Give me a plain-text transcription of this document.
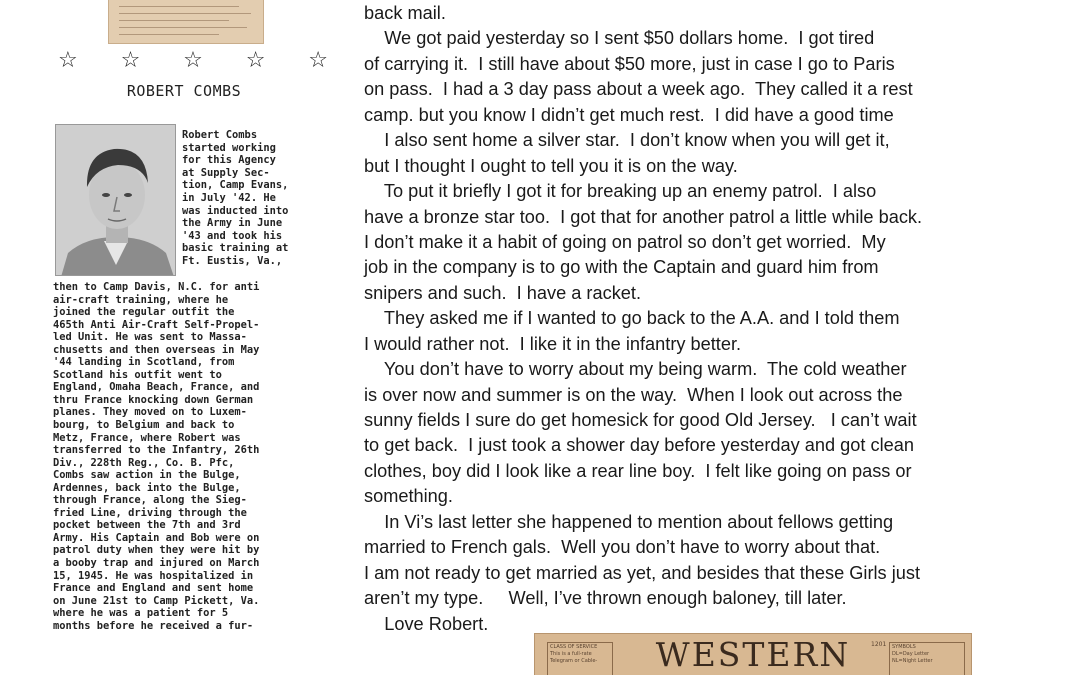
☆ ☆ ☆ ☆ ☆
ROBERT COMBS
Robert Combs
started working
for this Agency
at Supply Sec-
tion, Camp Evans,
in July '42. He
was inducted into
the Army in June
'43 and took his
basic training at
Ft. Eustis, Va.,
then to Camp Davis, N.C. for anti
air-craft training, where he
joined the regular outfit the
465th Anti Air-Craft Self-Propel-
led Unit. He was sent to Massa-
chusetts and then overseas in May
'44 landing in Scotland, from
Scotland his outfit went to
England, Omaha Beach, France, and
thru France knocking down German
planes. They moved on to Luxem-
bourg, to Belgium and back to
Metz, France, where Robert was
transferred to the Infantry, 26th
Div., 228th Reg., Co. B. Pfc,
Combs saw action in the Bulge,
Ardennes, back into the Bulge,
through France, along the Sieg-
fried Line, driving through the
pocket between the 7th and 3rd
Army. His Captain and Bob were on
patrol duty when they were hit by
a booby trap and injured on March
15, 1945. He was hospitalized in
France and England and sent home
on June 21st to Camp Pickett, Va.
where he was a patient for 5
months before he received a fur-
back mail.
We got paid yesterday so I sent $50 dollars home.  I got tired
of carrying it.  I still have about $50 more, just in case I go to Paris
on pass.  I had a 3 day pass about a week ago.  They called it a rest
camp. but you know I didn’t get much rest.  I did have a good time
I also sent home a silver star.  I don’t know when you will get it,
but I thought I ought to tell you it is on the way.
To put it briefly I got it for breaking up an enemy patrol.  I also
have a bronze star too.  I got that for another patrol a little while back.
I don’t make it a habit of going on patrol so don’t get worried.  My
job in the company is to go with the Captain and guard him from
snipers and such.  I have a racket.
They asked me if I wanted to go back to the A.A. and I told them
I would rather not.  I like it in the infantry better.
You don’t have to worry about my being warm.  The cold weather
is over now and summer is on the way.  When I look out across the
sunny fields I sure do get homesick for good Old Jersey.   I can’t wait
to get back.  I just took a shower day before yesterday and got clean
clothes, boy did I look like a rear line boy.  I felt like going on pass or
something.
In Vi’s last letter she happened to mention about fellows getting
married to French gals.  Well you don’t have to worry about that.
I am not ready to get married as yet, and besides that these Girls just
aren’t my type.     Well, I’ve thrown enough baloney, till later.
Love Robert.
CLASS OF SERVICE
This is a full-rate
Telegram or Cable-	WESTERN	1201 SYMBOLS
DL=Day Letter
NL=Night Letter
